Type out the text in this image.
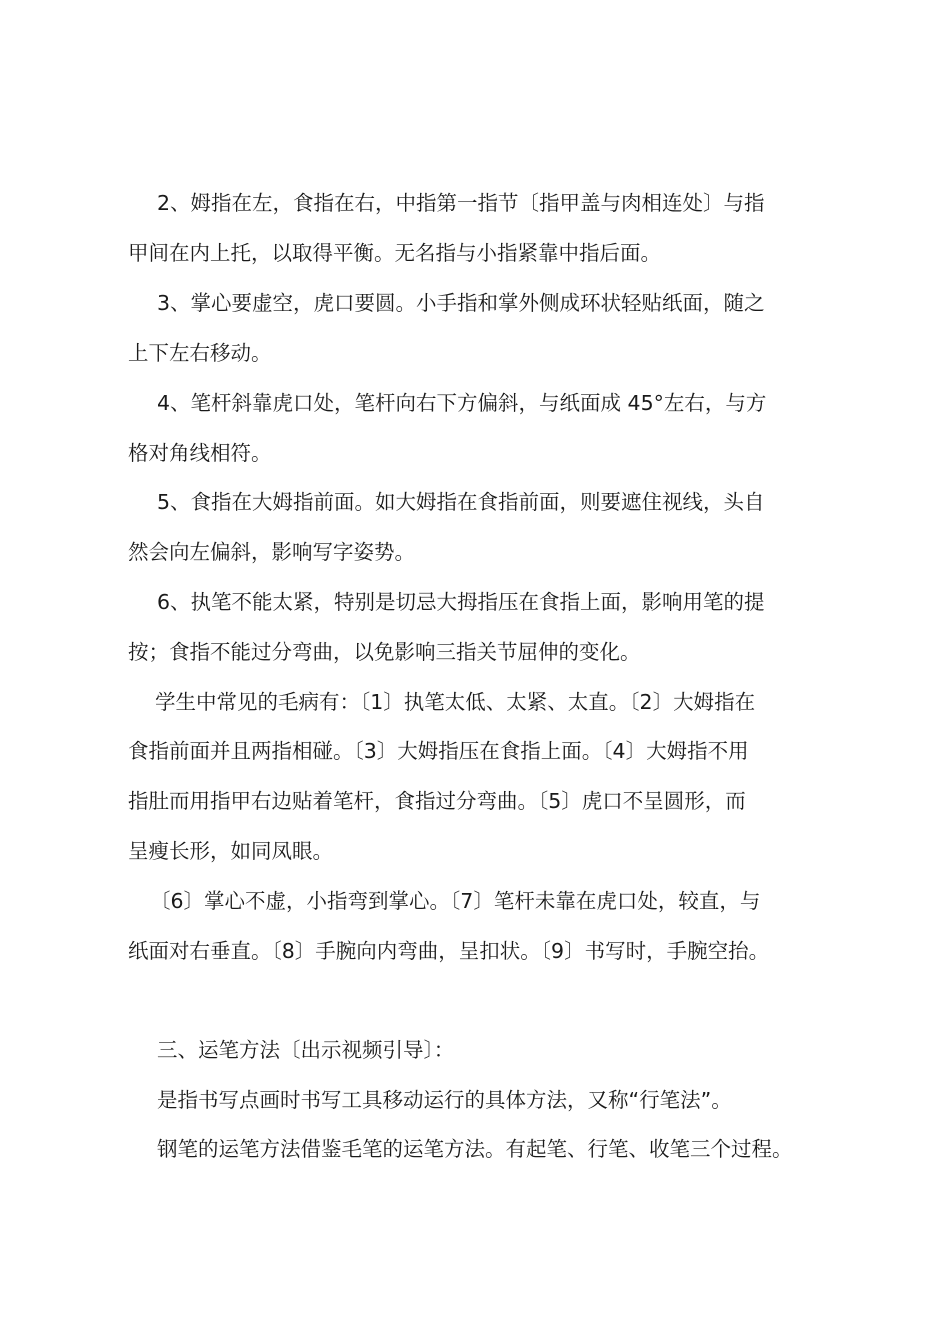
2、姆指在左，食指在右，中指第一指节〔指甲盖与肉相连处〕与指

甲间在内上托，以取得平衡。无名指与小指紧靠中指后面。

3、掌心要虚空，虎口要圆。小手指和掌外侧成环状轻贴纸面，随之

上下左右移动。

4、笔杆斜靠虎口处，笔杆向右下方偏斜，与纸面成 45°左右，与方

格对角线相符。

5、食指在大姆指前面。如大姆指在食指前面，则要遮住视线，头自

然会向左偏斜，影响写字姿势。

6、执笔不能太紧，特别是切忌大拇指压在食指上面，影响用笔的提

按；食指不能过分弯曲，以免影响三指关节屈伸的变化。

学生中常见的毛病有：〔1〕执笔太低、太紧、太直。〔2〕大姆指在

食指前面并且两指相碰。〔3〕大姆指压在食指上面。〔4〕大姆指不用

指肚而用指甲右边贴着笔杆，食指过分弯曲。〔5〕虎口不呈圆形，而

呈瘦长形，如同凤眼。

〔6〕掌心不虚，小指弯到掌心。〔7〕笔杆未靠在虎口处，较直，与

纸面对右垂直。〔8〕手腕向内弯曲，呈扣状。〔9〕书写时，手腕空抬。

三、运笔方法〔出示视频引导〕：

是指书写点画时书写工具移动运行的具体方法，又称“行笔法”。

钢笔的运笔方法借鉴毛笔的运笔方法。有起笔、行笔、收笔三个过程。
